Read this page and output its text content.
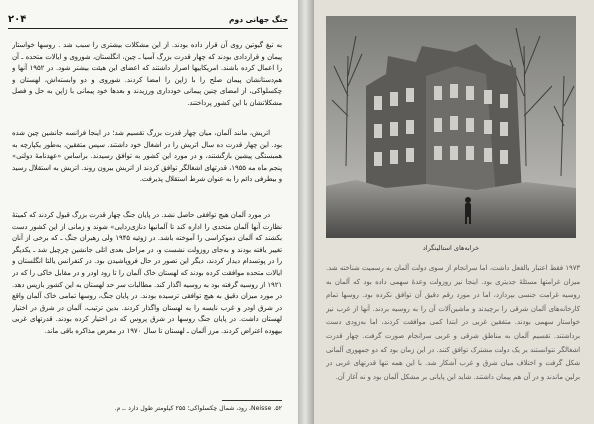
۲۰۴	جنگ جهانی دوم
به تیغ گیوتین روی آن قرار داده بودند. از این مشکلات بیشتری را سبب شد . روسها خواستار پیمان و قراردادی بودند که چهار قدرت بزرگ آسیا ـ چین، انگلستان، شوروی و ایالات متحده ـ آن را اعمال کرده باشند. امریکاییها اصرار داشتند که اعضای این هیئت بیشتر شود. در ۱۹۵۲ آنها و هم‌دستانشان پیمان صلح را با ژاپن را امضا کردند. شوروی و دو وابسته‌اش، لهستان و چکسلواکی، از امضای چنین پیمانی خودداری ورزیدند و بعدها خود پیمانی با ژاپن به حل و فصل مشکلاتشان با این کشور پرداختند.
اتریش، مانند آلمان، میان چهار قدرت بزرگ تقسیم شد؛ در اینجا فرانسه جانشین چین شده بود. این چهار قدرت ده سال اتریش را در اشغال خود داشتند. سپس متفقین، به‌طور یکپارچه به همبستگی پیشین بازگشتند، و در مورد این کشور به توافق رسیدند. براساس «عهدنامهٔ دولتی» پنجم ماه مه ۱۹۵۵، قدرتهای اشغالگر توافق کردند از اتریش بیرون روند. اتریش به استقلال رسید و بیطرفی دائم را به عنوان شرط استقلال پذیرفت.
در مورد آلمان هیچ توافقی حاصل نشد. در پایان جنگ چهار قدرت بزرگ قبول کردند که کمیتهٔ نظارت آنها آلمان متحدی را اداره کند تا آلمانیها دنازی‌زدایی» شوند و زمانی از این کشور دست بکشند که آلمان دموکراسی را آموخته باشد. در ژوئیه ۱۹۴۵ ولی رهبران جنگ ـ که برخی از آنان تغییر یافته بودند و به‌جای روزولت نشست و، در مراحل بعدی اتلی جانشین چرچیل شد ـ یکدیگر را در پوتسدام دیدار کردند، دیگر این تصور در حال فروپاشیدن بود. در کنفرانس یالتا انگلستان و ایالات متحده موافقت کرده بودند که لهستان خاک آلمان را تا رود اودر و در مقابل خاکی را که در ۱۹۲۱ از روسیه گرفته بود به روسیه اگذار کند. مطالبات سر حد لهستان به این کشور بازپس دهد. در مورد میزان دقیق به هیچ توافقی ترسیده بودند. در پایان جنگ، روسها تمامی خاک آلمان واقع در شرق اودر و غرب نایسه را به لهستان واگذار کردند. بدین ترتیب، آلمان در شرق در اختیار لهستان داشت. در پایان جنگ روسها در شرق پروس که در اختیار کرده بودند. قدرتهای غربی بیهوده اعتراض کردند. مرز آلمان ـ لهستان تا سال ۱۹۷۰ در معرض مذاکره باقی ماند.
۵۲. Neisse، رود، شمال چکسلواکی؛ ۲۵۵ کیلومتر طول دارد .ـ م.
خرابه‌های استالینگراد
۱۹۷۳ فقط اعتبار بالفعل داشت، اما سرانجام از سوی دولت آلمان به رسمیت شناخته شد. میزان غرامتها مسئلهٔ جدیتری بود. اینجا نیز روزولت وعدهٔ سهمی داده بود که آلمان به روسیه غرامت جنسی بپردازد، اما در مورد رقم دقیق آن توافق نکرده بود. روسها تمام کارخانه‌های آلمان شرقی را برچیدند و ماشین‌آلات آن را به روسیه بردند. آنها از غرب نیز خواستار سهمی بودند. متفقین غربی در ابتدا کمی موافقت کردند، اما به‌زودی دست برداشتند. تقسیم آلمان به مناطق شرقی و غربی سرانجام صورت گرفت. چهار قدرت اشغالگر نتوانستند بر یک دولت مشترک توافق کنند. در این زمان بود که دو جمهوری آلمانی شکل گرفت و اختلاف میان شرق و غرب آشکار شد. با این همه تنها قدرتهای غربی در برلین ماندند و در آن هم پیمان داشتند. شاید این پایانی بر مشکل آلمان بود و نه آغاز آن.
